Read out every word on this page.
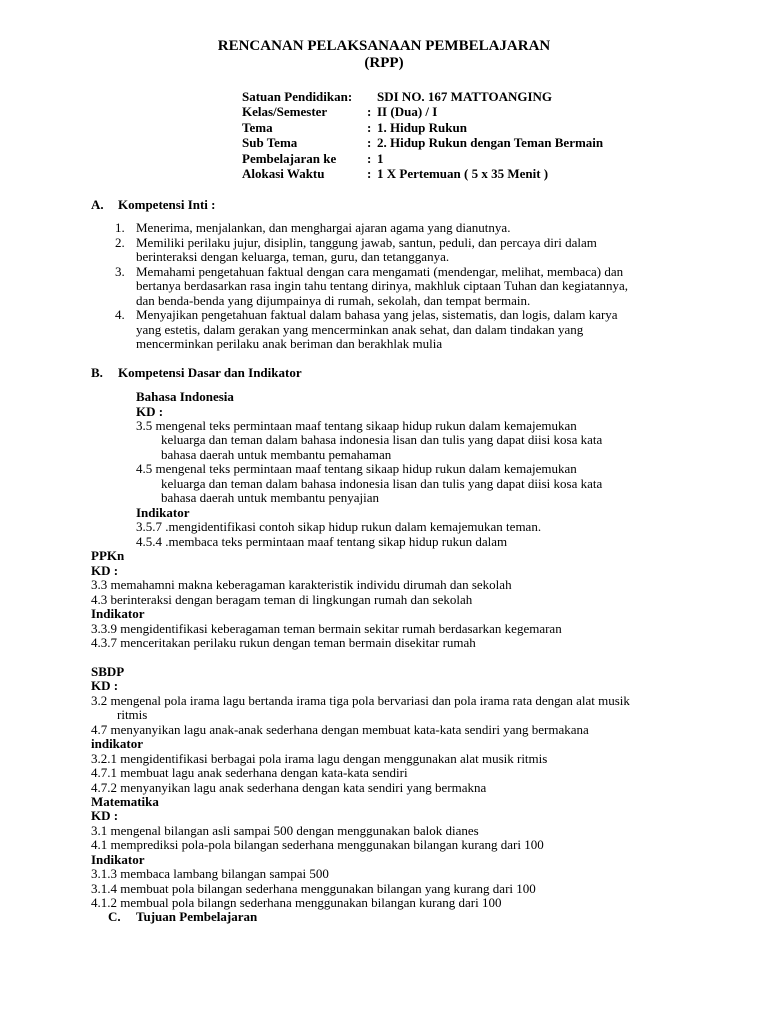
RENCANAN PELAKSANAAN PEMBELAJARAN
(RPP)
Satuan Pendidikan: SDI NO. 167 MATTOANGING
Kelas/Semester	: II (Dua) / I
Tema	: 1. Hidup Rukun
Sub Tema	: 2. Hidup Rukun dengan Teman Bermain
Pembelajaran ke : 1
Alokasi Waktu	: 1 X Pertemuan ( 5 x 35 Menit )
A. Kompetensi Inti :
1. Menerima, menjalankan, dan menghargai ajaran agama yang dianutnya.
2. Memiliki perilaku jujur, disiplin, tanggung jawab, santun, peduli, dan percaya diri dalam
berinteraksi dengan keluarga, teman, guru, dan tetangganya.
3. Memahami pengetahuan faktual dengan cara mengamati (mendengar, melihat, membaca) dan
bertanya berdasarkan rasa ingin tahu tentang dirinya, makhluk ciptaan Tuhan dan kegiatannya,
dan benda-benda yang dijumpainya di rumah, sekolah, dan tempat bermain.
4. Menyajikan pengetahuan faktual dalam bahasa yang jelas, sistematis, dan logis, dalam karya
yang estetis, dalam gerakan yang mencerminkan anak sehat, dan dalam tindakan yang
mencerminkan perilaku anak beriman dan berakhlak mulia
B. Kompetensi Dasar dan Indikator
Bahasa Indonesia
KD :
3.5 mengenal teks permintaan maaf tentang sikaap hidup rukun dalam kemajemukan
keluarga dan teman dalam bahasa indonesia lisan dan tulis yang dapat diisi kosa kata
bahasa daerah untuk membantu pemahaman
4.5 mengenal teks permintaan maaf tentang sikaap hidup rukun dalam kemajemukan
keluarga dan teman dalam bahasa indonesia lisan dan tulis yang dapat diisi kosa kata
bahasa daerah untuk membantu penyajian
Indikator
3.5.7 .mengidentifikasi contoh sikap hidup rukun dalam kemajemukan teman.
4.5.4 .membaca teks permintaan maaf tentang sikap hidup rukun dalam
PPKn
KD :
3.3 memahamni makna keberagaman karakteristik individu dirumah dan sekolah
4.3 berinteraksi dengan beragam teman di lingkungan rumah dan sekolah
Indikator
3.3.9 mengidentifikasi keberagaman teman bermain sekitar rumah berdasarkan kegemaran
4.3.7 menceritakan perilaku rukun dengan teman bermain disekitar rumah
SBDP
KD :
3.2 mengenal pola irama lagu bertanda irama tiga pola bervariasi dan pola irama rata dengan alat musik
ritmis
4.7 menyanyikan lagu anak-anak sederhana dengan membuat kata-kata sendiri yang bermakana
indikator
3.2.1 mengidentifikasi berbagai pola irama lagu dengan menggunakan alat musik ritmis
4.7.1 membuat lagu anak sederhana dengan kata-kata sendiri
4.7.2 menyanyikan lagu anak sederhana dengan kata sendiri yang bermakna
Matematika
KD :
3.1 mengenal bilangan asli sampai 500 dengan menggunakan balok dianes
4.1 memprediksi pola-pola bilangan sederhana menggunakan bilangan kurang dari 100
Indikator
3.1.3 membaca lambang bilangan sampai 500
3.1.4 membuat pola bilangan sederhana menggunakan bilangan yang kurang dari 100
4.1.2 membual pola bilangn sederhana menggunakan bilangan kurang dari 100
C. Tujuan Pembelajaran
